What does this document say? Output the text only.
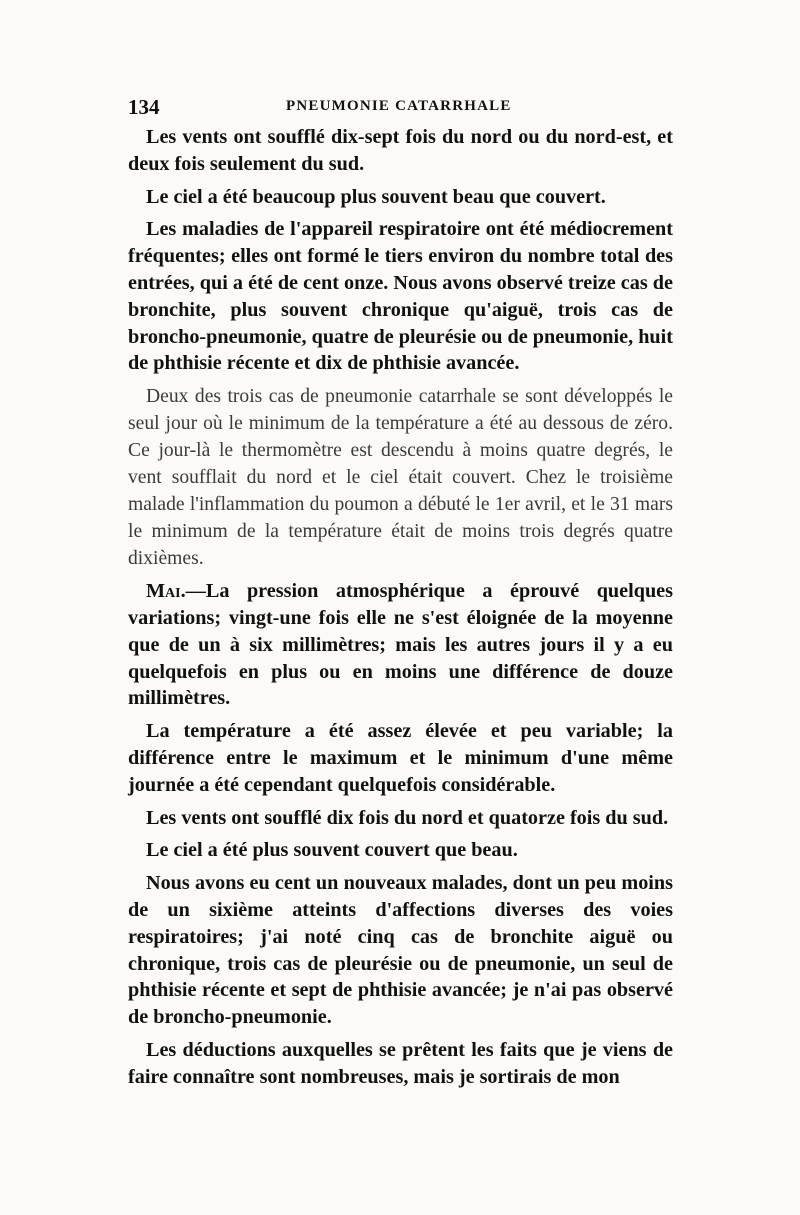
134	PNEUMONIE CATARRHALE

Les vents ont soufflé dix-sept fois du nord ou du nord-est, et deux fois seulement du sud.

Le ciel a été beaucoup plus souvent beau que couvert.

Les maladies de l'appareil respiratoire ont été médiocrement fréquentes; elles ont formé le tiers environ du nombre total des entrées, qui a été de cent onze. Nous avons observé treize cas de bronchite, plus souvent chronique qu'aiguë, trois cas de broncho-pneumonie, quatre de pleurésie ou de pneumonie, huit de phthisie récente et dix de phthisie avancée.

Deux des trois cas de pneumonie catarrhale se sont développés le seul jour où le minimum de la température a été au dessous de zéro. Ce jour-là le thermomètre est descendu à moins quatre degrés, le vent soufflait du nord et le ciel était couvert. Chez le troisième malade l'inflammation du poumon a débuté le 1er avril, et le 31 mars le minimum de la température était de moins trois degrés quatre dixièmes.

Mai.—La pression atmosphérique a éprouvé quelques variations; vingt-une fois elle ne s'est éloignée de la moyenne que de un à six millimètres; mais les autres jours il y a eu quelquefois en plus ou en moins une différence de douze millimètres.

La température a été assez élevée et peu variable; la différence entre le maximum et le minimum d'une même journée a été cependant quelquefois considérable.

Les vents ont soufflé dix fois du nord et quatorze fois du sud.

Le ciel a été plus souvent couvert que beau.

Nous avons eu cent un nouveaux malades, dont un peu moins de un sixième atteints d'affections diverses des voies respiratoires; j'ai noté cinq cas de bronchite aiguë ou chronique, trois cas de pleurésie ou de pneumonie, un seul de phthisie récente et sept de phthisie avancée; je n'ai pas observé de broncho-pneumonie.

Les déductions auxquelles se prêtent les faits que je viens de faire connaître sont nombreuses, mais je sortirais de mon
